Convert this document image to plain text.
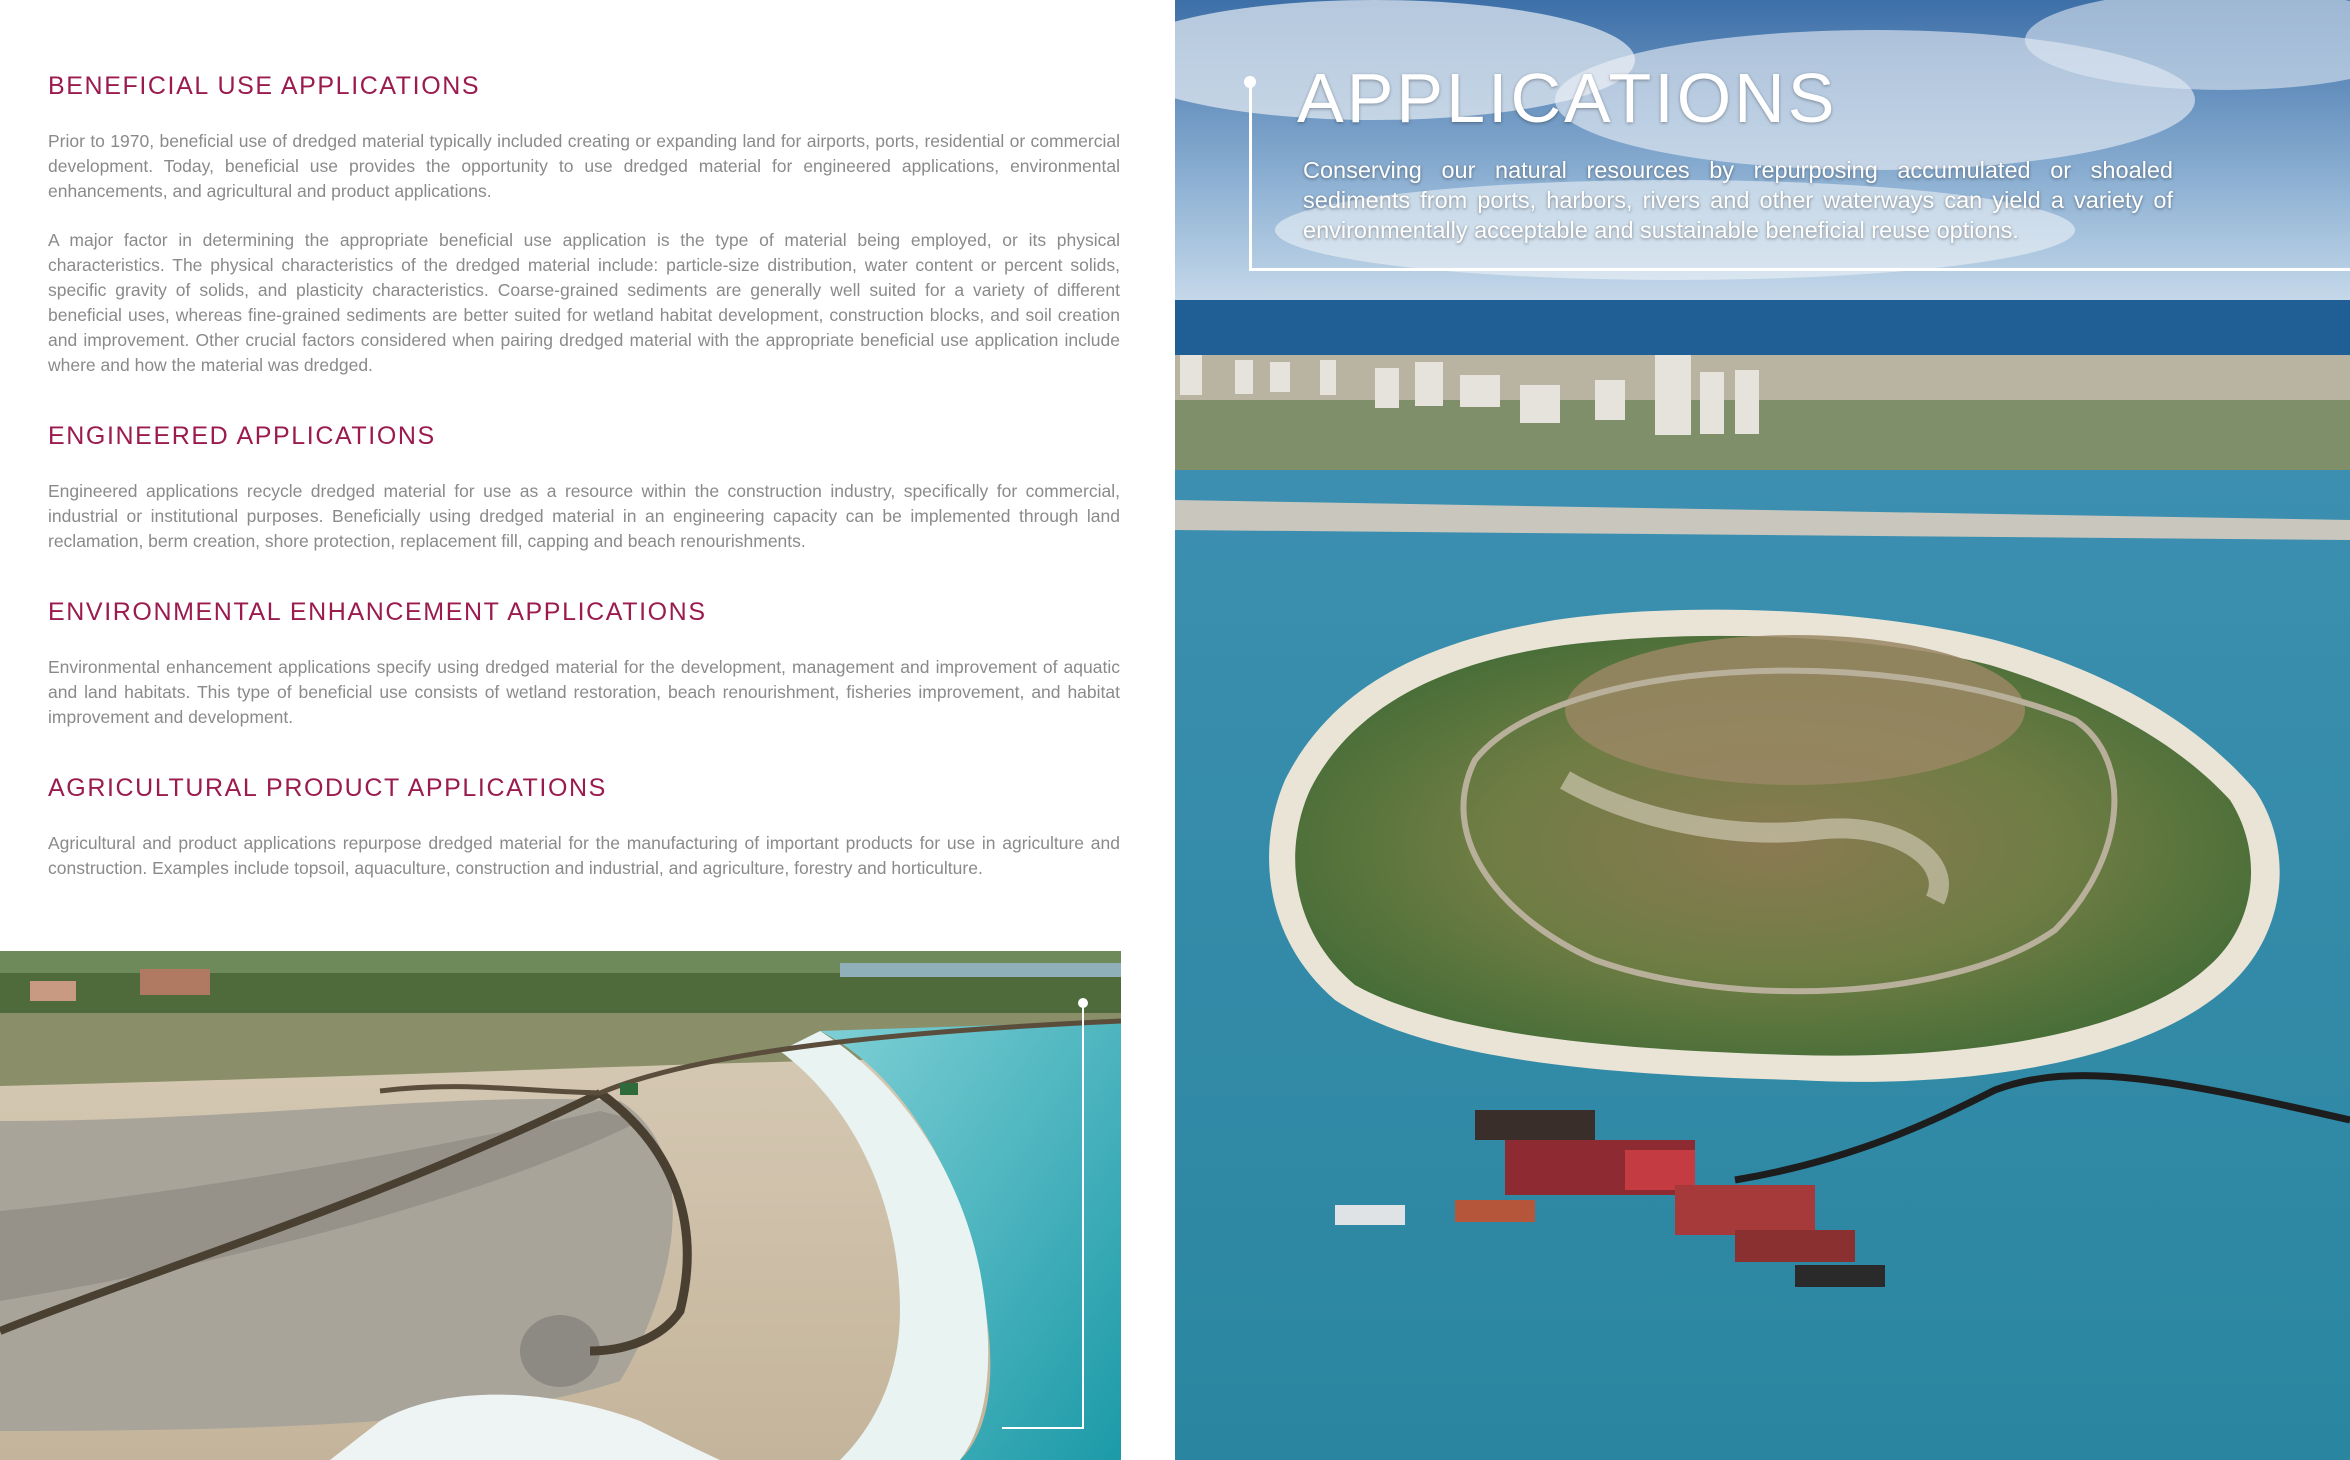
BENEFICIAL USE APPLICATIONS

Prior to 1970, beneficial use of dredged material typically included creating or expanding land for airports, ports, residential or commercial development. Today, beneficial use provides the opportunity to use dredged material for engineered applications, environmental enhancements, and agricultural and product applications.

A major factor in determining the appropriate beneficial use application is the type of material being employed, or its physical characteristics. The physical characteristics of the dredged material include: particle-size distribution, water content or percent solids, specific gravity of solids, and plasticity characteristics. Coarse-grained sediments are generally well suited for a variety of different beneficial uses, whereas fine-grained sediments are better suited for wetland habitat development, construction blocks, and soil creation and improvement. Other crucial factors considered when pairing dredged material with the appropriate beneficial use application include where and how the material was dredged.

ENGINEERED APPLICATIONS

Engineered applications recycle dredged material for use as a resource within the construction industry, specifically for commercial, industrial or institutional purposes. Beneficially using dredged material in an engineering capacity can be implemented through land reclamation, berm creation, shore protection, replacement fill, capping and beach renourishments.

ENVIRONMENTAL ENHANCEMENT APPLICATIONS

Environmental enhancement applications specify using dredged material for the development, management and improvement of aquatic and land habitats. This type of beneficial use consists of wetland restoration, beach renourishment, fisheries improvement, and habitat improvement and development.

AGRICULTURAL PRODUCT APPLICATIONS

Agricultural and product applications repurpose dredged material for the manufacturing of important products for use in agriculture and construction. Examples include topsoil, aquaculture, construction and industrial, and agriculture, forestry and horticulture.

APPLICATIONS

Conserving our natural resources by repurposing accumulated or shoaled sediments from ports, harbors, rivers and other waterways can yield a variety of environmentally acceptable and sustainable beneficial reuse options.
